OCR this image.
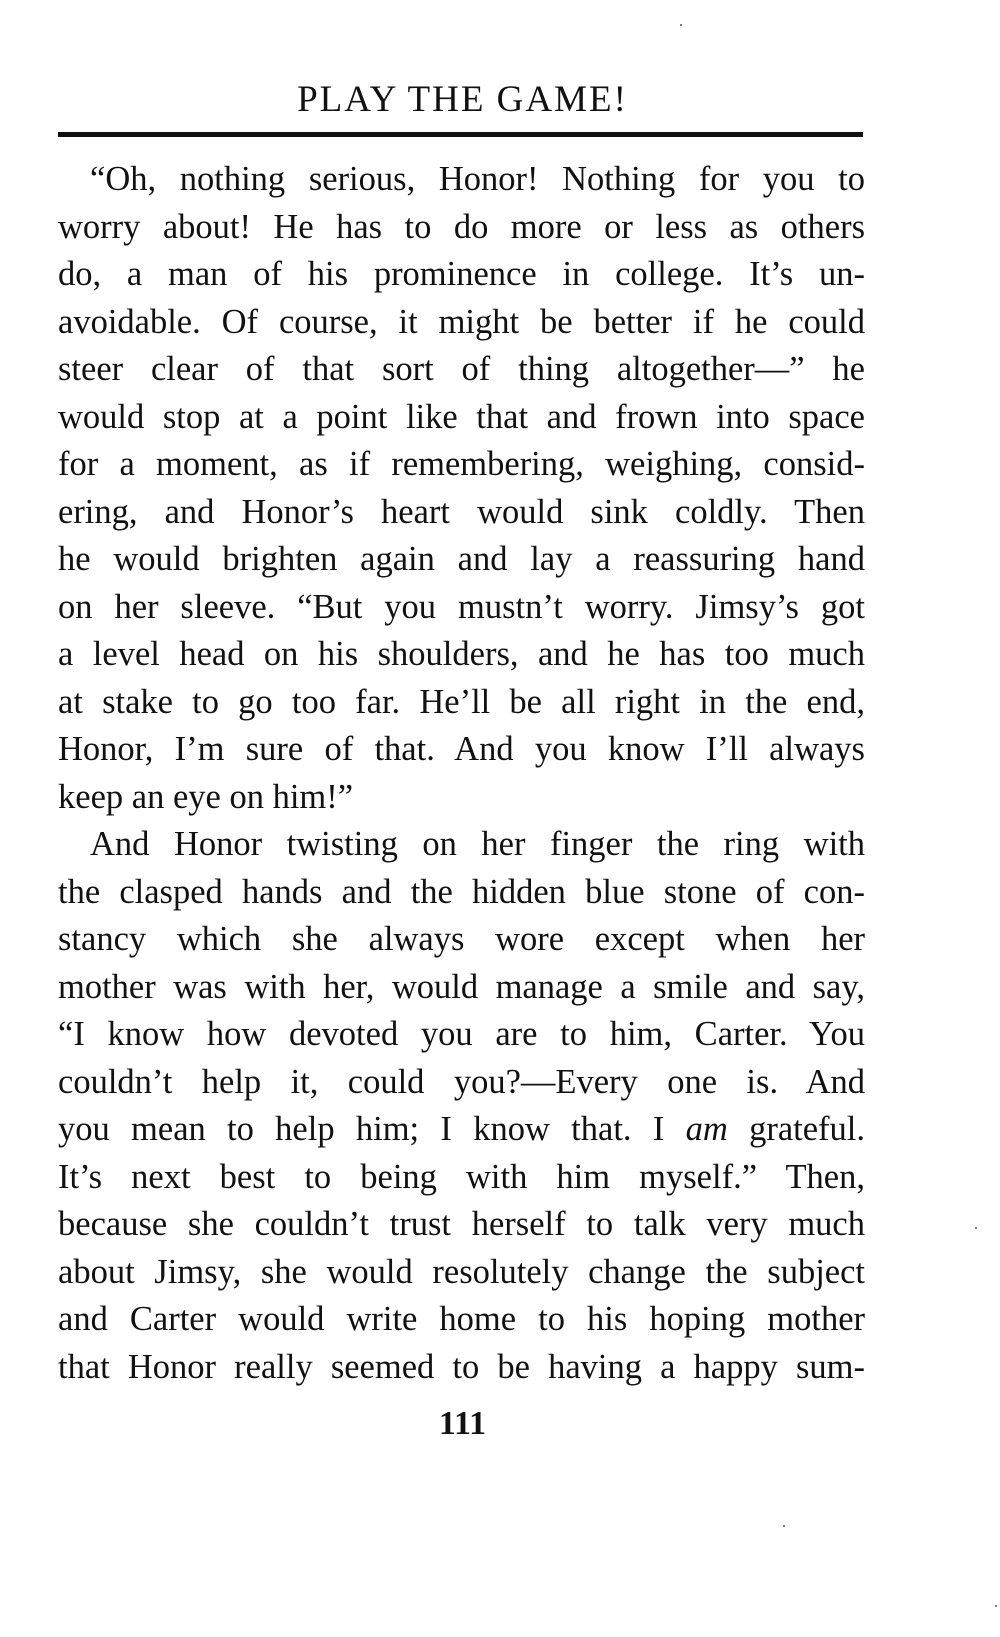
PLAY THE GAME!
“Oh, nothing serious, Honor! Nothing for you to
worry about! He has to do more or less as others
do, a man of his prominence in college. It’s un-
avoidable. Of course, it might be better if he could
steer clear of that sort of thing altogether—” he
would stop at a point like that and frown into space
for a moment, as if remembering, weighing, consid-
ering, and Honor’s heart would sink coldly. Then
he would brighten again and lay a reassuring hand
on her sleeve. “But you mustn’t worry. Jimsy’s got
a level head on his shoulders, and he has too much
at stake to go too far. He’ll be all right in the end,
Honor, I’m sure of that. And you know I’ll always
keep an eye on him!”
And Honor twisting on her finger the ring with
the clasped hands and the hidden blue stone of con-
stancy which she always wore except when her
mother was with her, would manage a smile and say,
“I know how devoted you are to him, Carter. You
couldn’t help it, could you?—Every one is. And
you mean to help him; I know that. I am grateful.
It’s next best to being with him myself.” Then,
because she couldn’t trust herself to talk very much
about Jimsy, she would resolutely change the subject
and Carter would write home to his hoping mother
that Honor really seemed to be having a happy sum-
111
